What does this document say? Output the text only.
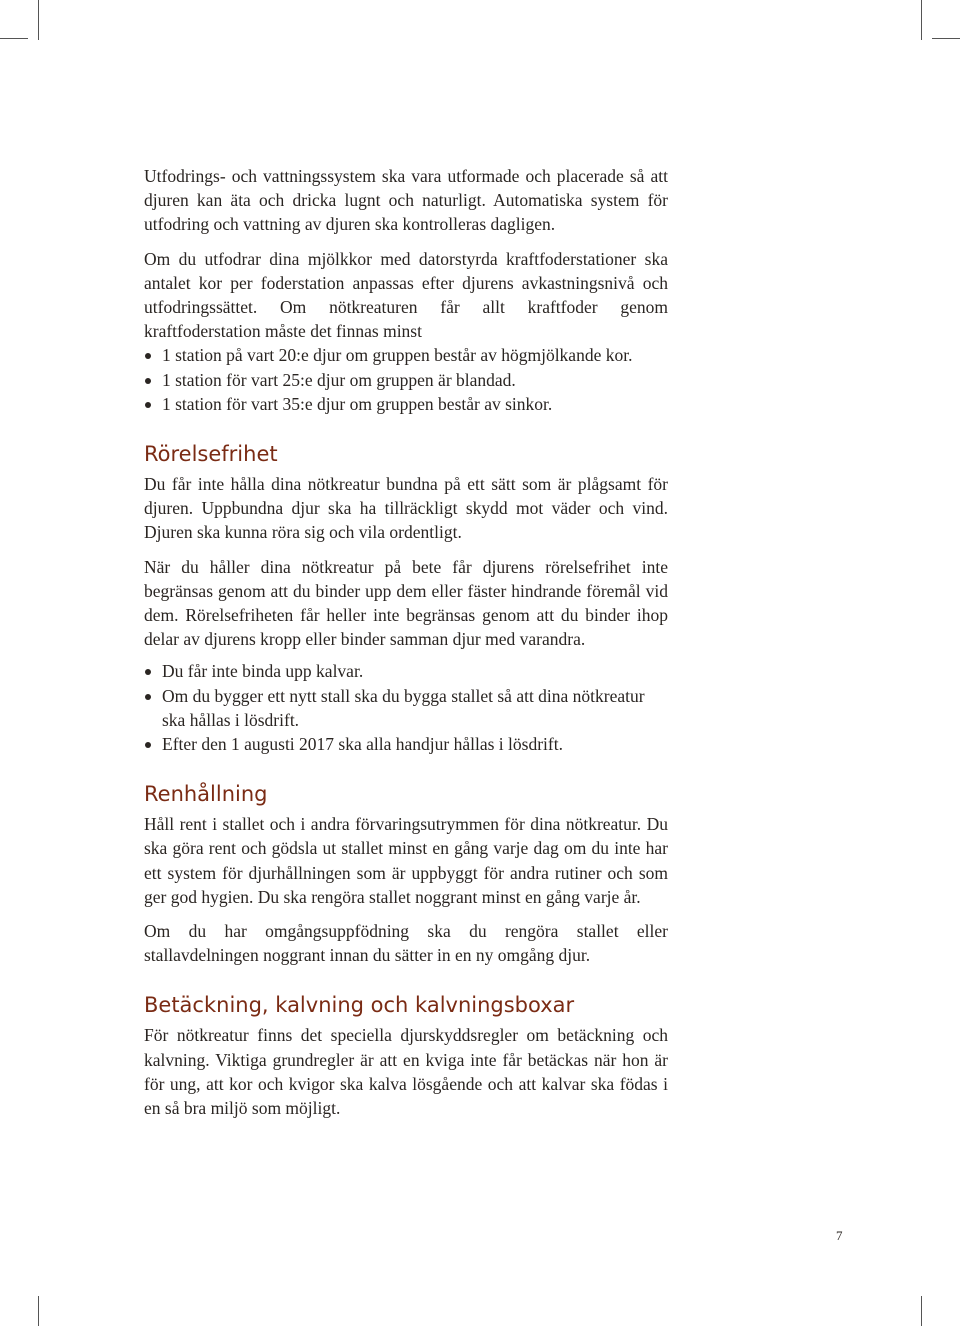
Utfodrings- och vattningssystem ska vara utformade och placerade så att djuren kan äta och dricka lugnt och naturligt. Automatiska system för utfodring och vattning av djuren ska kontrolleras dagligen.

Om du utfodrar dina mjölkkor med datorstyrda kraftfoderstationer ska antalet kor per foderstation anpassas efter djurens avkastningsnivå och utfodringssättet. Om nötkreaturen får allt kraftfoder genom kraftfoderstation måste det finnas minst

1 station på vart 20:e djur om gruppen består av högmjölkande kor.
1 station för vart 25:e djur om gruppen är blandad.
1 station för vart 35:e djur om gruppen består av sinkor.
Rörelsefrihet

Du får inte hålla dina nötkreatur bundna på ett sätt som är plågsamt för djuren. Uppbundna djur ska ha tillräckligt skydd mot väder och vind. Djuren ska kunna röra sig och vila ordentligt.

När du håller dina nötkreatur på bete får djurens rörelsefrihet inte begränsas genom att du binder upp dem eller fäster hindrande föremål vid dem. Rörelsefriheten får heller inte begränsas genom att du binder ihop delar av djurens kropp eller binder samman djur med varandra.

Du får inte binda upp kalvar.
Om du bygger ett nytt stall ska du bygga stallet så att dina nötkreatur ska hållas i lösdrift.
Efter den 1 augusti 2017 ska alla handjur hållas i lösdrift.
Renhållning

Håll rent i stallet och i andra förvaringsutrymmen för dina nötkreatur. Du ska göra rent och gödsla ut stallet minst en gång varje dag om du inte har ett system för djurhållningen som är uppbyggt för andra rutiner och som ger god hygien. Du ska rengöra stallet noggrant minst en gång varje år.

Om du har omgångsuppfödning ska du rengöra stallet eller stallavdelningen noggrant innan du sätter in en ny omgång djur.

Betäckning, kalvning och kalvningsboxar

För nötkreatur finns det speciella djurskyddsregler om betäckning och kalvning. Viktiga grundregler är att en kviga inte får betäckas när hon är för ung, att kor och kvigor ska kalva lösgående och att kalvar ska födas i en så bra miljö som möjligt.

7
